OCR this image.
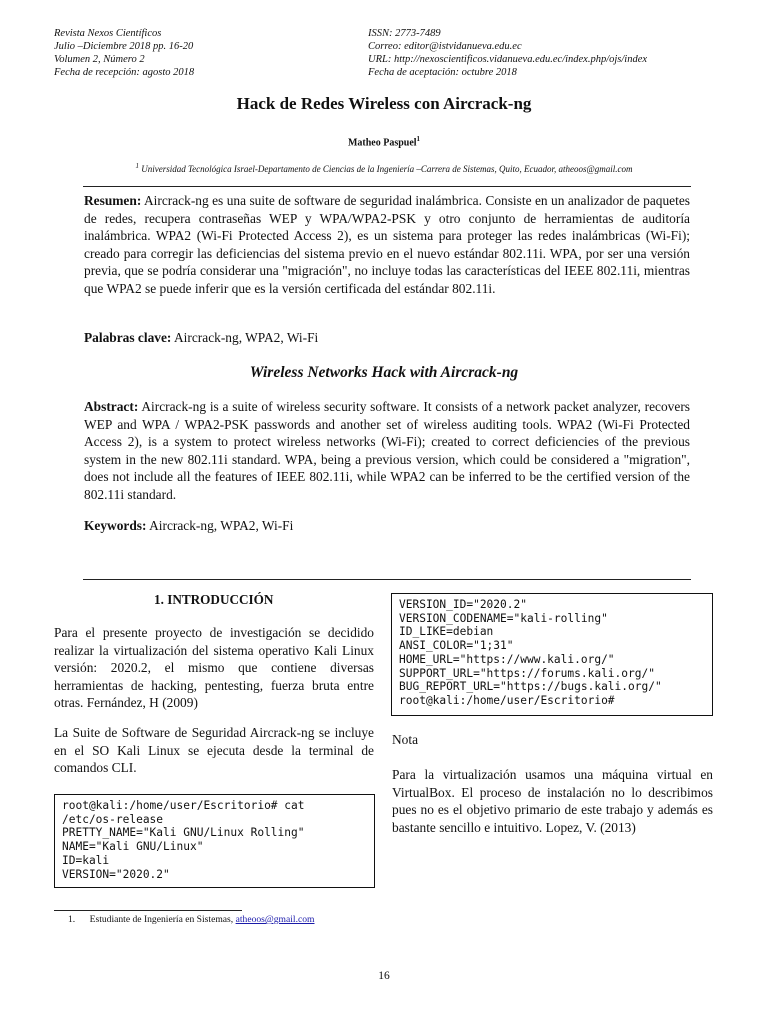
Revista Nexos Científicos
Julio –Diciembre 2018 pp. 16-20
Volumen 2, Número 2
Fecha de recepción: agosto 2018
ISSN: 2773-7489
Correo: editor@istvidanueva.edu.ec
URL: http://nexoscientificos.vidanueva.edu.ec/index.php/ojs/index
Fecha de aceptación: octubre 2018
Hack de Redes Wireless con Aircrack-ng
Matheo Paspuel$^1$
$^1$ Universidad Tecnológica Israel-Departamento de Ciencias de la Ingeniería –Carrera de Sistemas, Quito, Ecuador, atheoos@gmail.com
Resumen: Aircrack-ng es una suite de software de seguridad inalámbrica. Consiste en un analizador de paquetes de redes, recupera contraseñas WEP y WPA/WPA2-PSK y otro conjunto de herramientas de auditoría inalámbrica. WPA2 (Wi-Fi Protected Access 2), es un sistema para proteger las redes inalámbricas (Wi-Fi); creado para corregir las deficiencias del sistema previo en el nuevo estándar 802.11i. WPA, por ser una versión previa, que se podría considerar una "migración", no incluye todas las características del IEEE 802.11i, mientras que WPA2 se puede inferir que es la versión certificada del estándar 802.11i.
Palabras clave: Aircrack-ng, WPA2, Wi-Fi
Wireless Networks Hack with Aircrack-ng
Abstract: Aircrack-ng is a suite of wireless security software. It consists of a network packet analyzer, recovers WEP and WPA / WPA2-PSK passwords and another set of wireless auditing tools. WPA2 (Wi-Fi Protected Access 2), is a system to protect wireless networks (Wi-Fi); created to correct deficiencies of the previous system in the new 802.11i standard. WPA, being a previous version, which could be considered a "migration", does not include all the features of IEEE 802.11i, while WPA2 can be inferred to be the certified version of the 802.11i standard.
Keywords: Aircrack-ng, WPA2, Wi-Fi
1. INTRODUCCIÓN
Para el presente proyecto de investigación se decidido realizar la virtualización del sistema operativo Kali Linux versión: 2020.2, el mismo que contiene diversas herramientas de hacking, pentesting, fuerza bruta entre otras. Fernández, H (2009)
La Suite de Software de Seguridad Aircrack-ng se incluye en el SO Kali Linux se ejecuta desde la terminal de comandos CLI.
root@kali:/home/user/Escritorio# cat
/etc/os-release
PRETTY_NAME="Kali GNU/Linux Rolling"
NAME="Kali GNU/Linux"
ID=kali
VERSION="2020.2"
VERSION_ID="2020.2"
VERSION_CODENAME="kali-rolling"
ID_LIKE=debian
ANSI_COLOR="1;31"
HOME_URL="https://www.kali.org/"
SUPPORT_URL="https://forums.kali.org/"
BUG_REPORT_URL="https://bugs.kali.org/"
root@kali:/home/user/Escritorio#
Nota
Para la virtualización usamos una máquina virtual en VirtualBox. El proceso de instalación no lo describimos pues no es el objetivo primario de este trabajo y además es bastante sencillo e intuitivo. Lopez, V. (2013)
1. Estudiante de Ingeniería en Sistemas, atheoos@gmail.com
16
